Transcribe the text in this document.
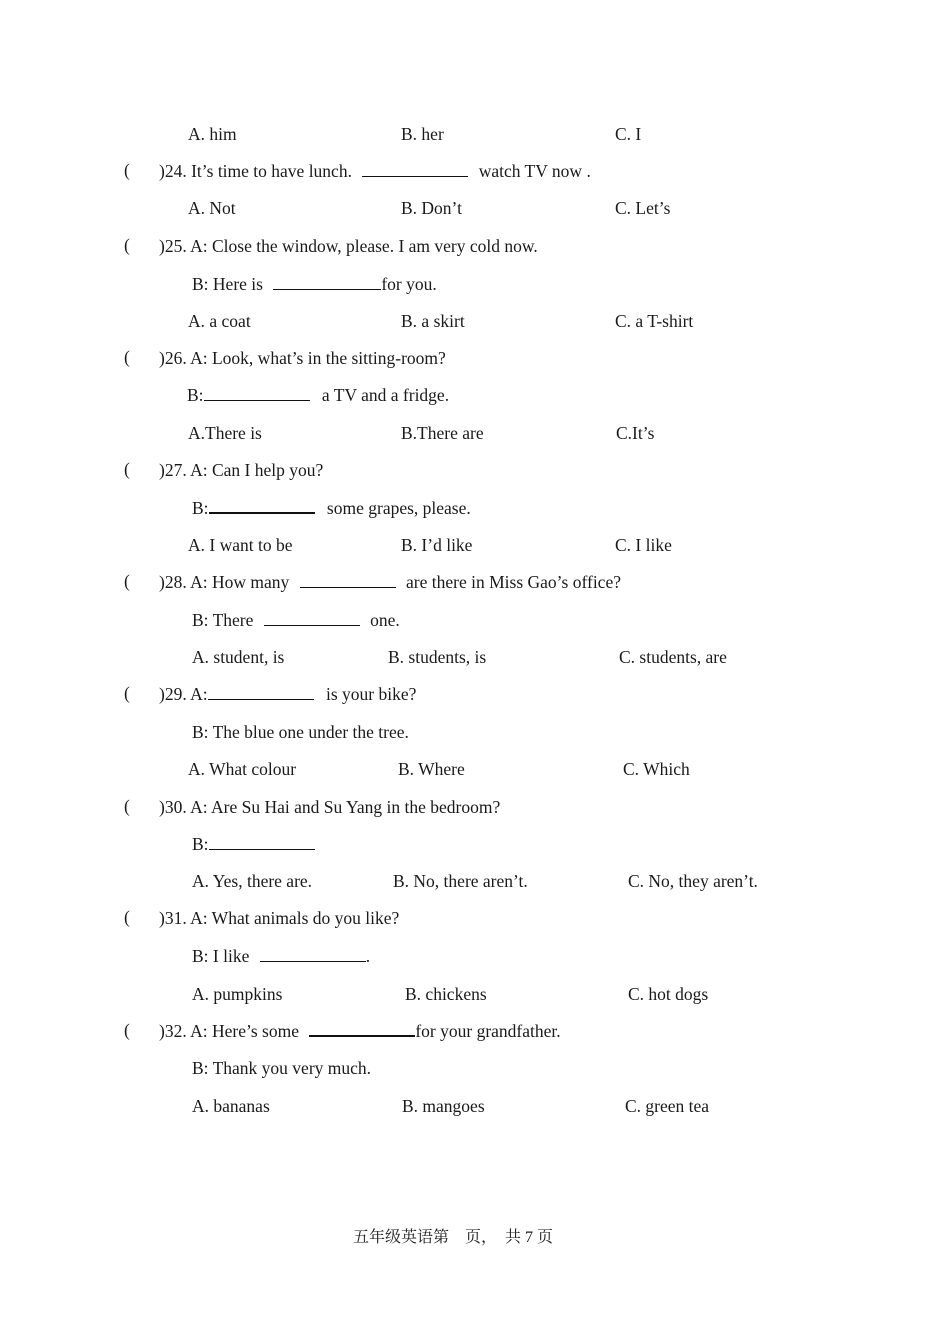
A. him	B. her	C. I
( )24. It’s time to have lunch.	watch TV now .
A. Not	B. Don’t	C. Let’s
( )25. A: Close the window, please. I am very cold now.
B: Here is	for you.
A. a coat	B. a skirt	C. a T-shirt
( )26. A: Look, what’s in the sitting-room?
B:	a TV and a fridge.
A.There is	B.There are	C.It’s
( )27. A: Can I help you?
B:	some grapes, please.
A. I want to be	B. I’d like	C. I like
( )28. A: How many	are there in Miss Gao’s office?
B: There	one.
A. student, is	B. students, is	C. students, are
( )29. A:	is your bike?
B: The blue one under the tree.
A. What colour	B. Where	C. Which
( )30. A: Are Su Hai and Su Yang in the bedroom?
B:
A. Yes, there are.	B. No, there aren’t.	C. No, they aren’t.
( )31. A: What animals do you like?
B: I like	.
A. pumpkins	B. chickens	C. hot dogs
( )32. A: Here’s some	for your grandfather.
B: Thank you very much.
A. bananas	B. mangoes	C. green tea
五年级英语第　页，　共 7 页
